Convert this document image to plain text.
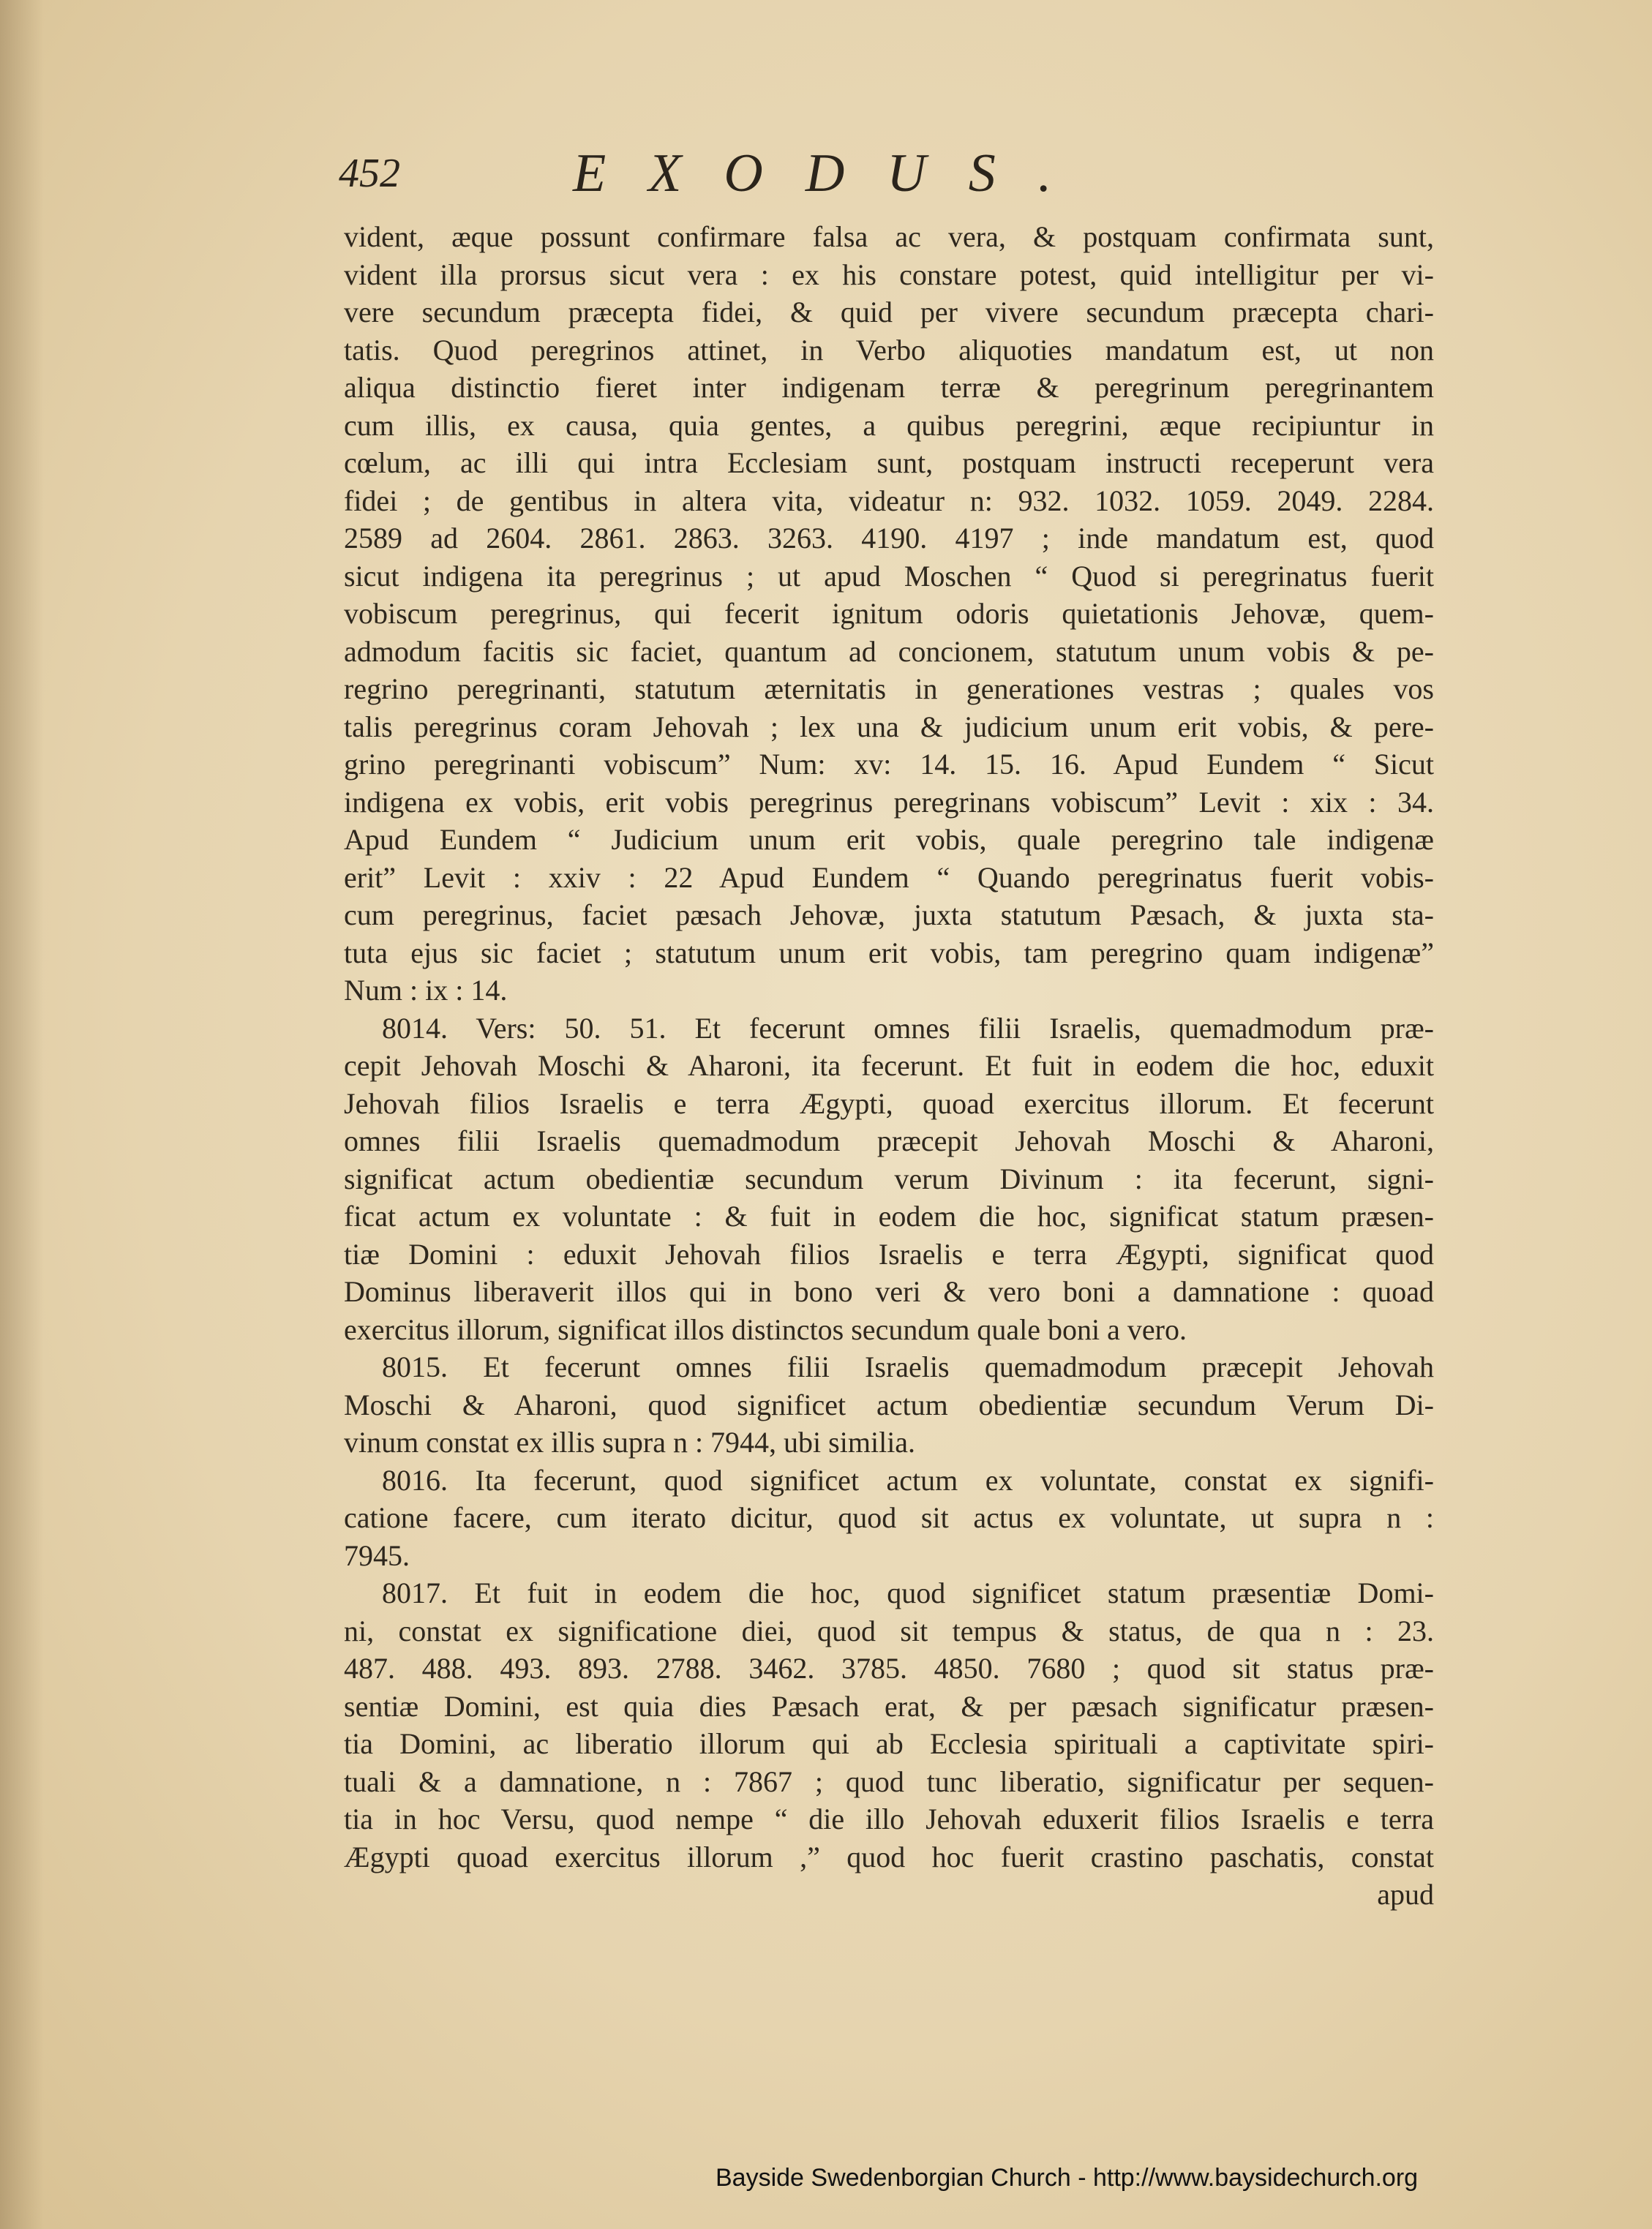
452	EXODUS.
vident, æque possunt confirmare falsa ac vera, & postquam confirmata sunt,
vident illa prorsus sicut vera : ex his constare potest, quid intelligitur per vi-
vere secundum præcepta fidei, & quid per vivere secundum præcepta chari-
tatis. Quod peregrinos attinet, in Verbo aliquoties mandatum est, ut non
aliqua distinctio fieret inter indigenam terræ & peregrinum peregrinantem
cum illis, ex causa, quia gentes, a quibus peregrini, æque recipiuntur in
cœlum, ac illi qui intra Ecclesiam sunt, postquam instructi receperunt vera
fidei ; de gentibus in altera vita, videatur n: 932. 1032. 1059. 2049. 2284.
2589 ad 2604. 2861. 2863. 3263. 4190. 4197 ; inde mandatum est, quod
sicut indigena ita peregrinus ; ut apud Moschen “ Quod si peregrinatus fuerit
vobiscum peregrinus, qui fecerit ignitum odoris quietationis Jehovæ, quem-
admodum facitis sic faciet, quantum ad concionem, statutum unum vobis & pe-
regrino peregrinanti, statutum æternitatis in generationes vestras ; quales vos
talis peregrinus coram Jehovah ; lex una & judicium unum erit vobis, & pere-
grino peregrinanti vobiscum” Num: xv: 14. 15. 16. Apud Eundem “ Sicut
indigena ex vobis, erit vobis peregrinus peregrinans vobiscum” Levit : xix : 34.
Apud Eundem “ Judicium unum erit vobis, quale peregrino tale indigenæ
erit” Levit : xxiv : 22 Apud Eundem “ Quando peregrinatus fuerit vobis-
cum peregrinus, faciet pæsach Jehovæ, juxta statutum Pæsach, & juxta sta-
tuta ejus sic faciet ; statutum unum erit vobis, tam peregrino quam indigenæ”
Num : ix : 14.
8014. Vers: 50. 51. Et fecerunt omnes filii Israelis, quemadmodum præ-
cepit Jehovah Moschi & Aharoni, ita fecerunt. Et fuit in eodem die hoc, eduxit
Jehovah filios Israelis e terra Ægypti, quoad exercitus illorum. Et fecerunt
omnes filii Israelis quemadmodum præcepit Jehovah Moschi & Aharoni,
significat actum obedientiæ secundum verum Divinum : ita fecerunt, signi-
ficat actum ex voluntate : & fuit in eodem die hoc, significat statum præsen-
tiæ Domini : eduxit Jehovah filios Israelis e terra Ægypti, significat quod
Dominus liberaverit illos qui in bono veri & vero boni a damnatione : quoad
exercitus illorum, significat illos distinctos secundum quale boni a vero.
8015. Et fecerunt omnes filii Israelis quemadmodum præcepit Jehovah
Moschi & Aharoni, quod significet actum obedientiæ secundum Verum Di-
vinum constat ex illis supra n : 7944, ubi similia.
8016. Ita fecerunt, quod significet actum ex voluntate, constat ex signifi-
catione facere, cum iterato dicitur, quod sit actus ex voluntate, ut supra n :
7945.
8017. Et fuit in eodem die hoc, quod significet statum præsentiæ Domi-
ni, constat ex significatione diei, quod sit tempus & status, de qua n : 23.
487. 488. 493. 893. 2788. 3462. 3785. 4850. 7680 ; quod sit status præ-
sentiæ Domini, est quia dies Pæsach erat, & per pæsach significatur præsen-
tia Domini, ac liberatio illorum qui ab Ecclesia spirituali a captivitate spiri-
tuali & a damnatione, n : 7867 ; quod tunc liberatio, significatur per sequen-
tia in hoc Versu, quod nempe “ die illo Jehovah eduxerit filios Israelis e terra
Ægypti quoad exercitus illorum ,” quod hoc fuerit crastino paschatis, constat
apud
Bayside Swedenborgian Church - http://www.baysidechurch.org
